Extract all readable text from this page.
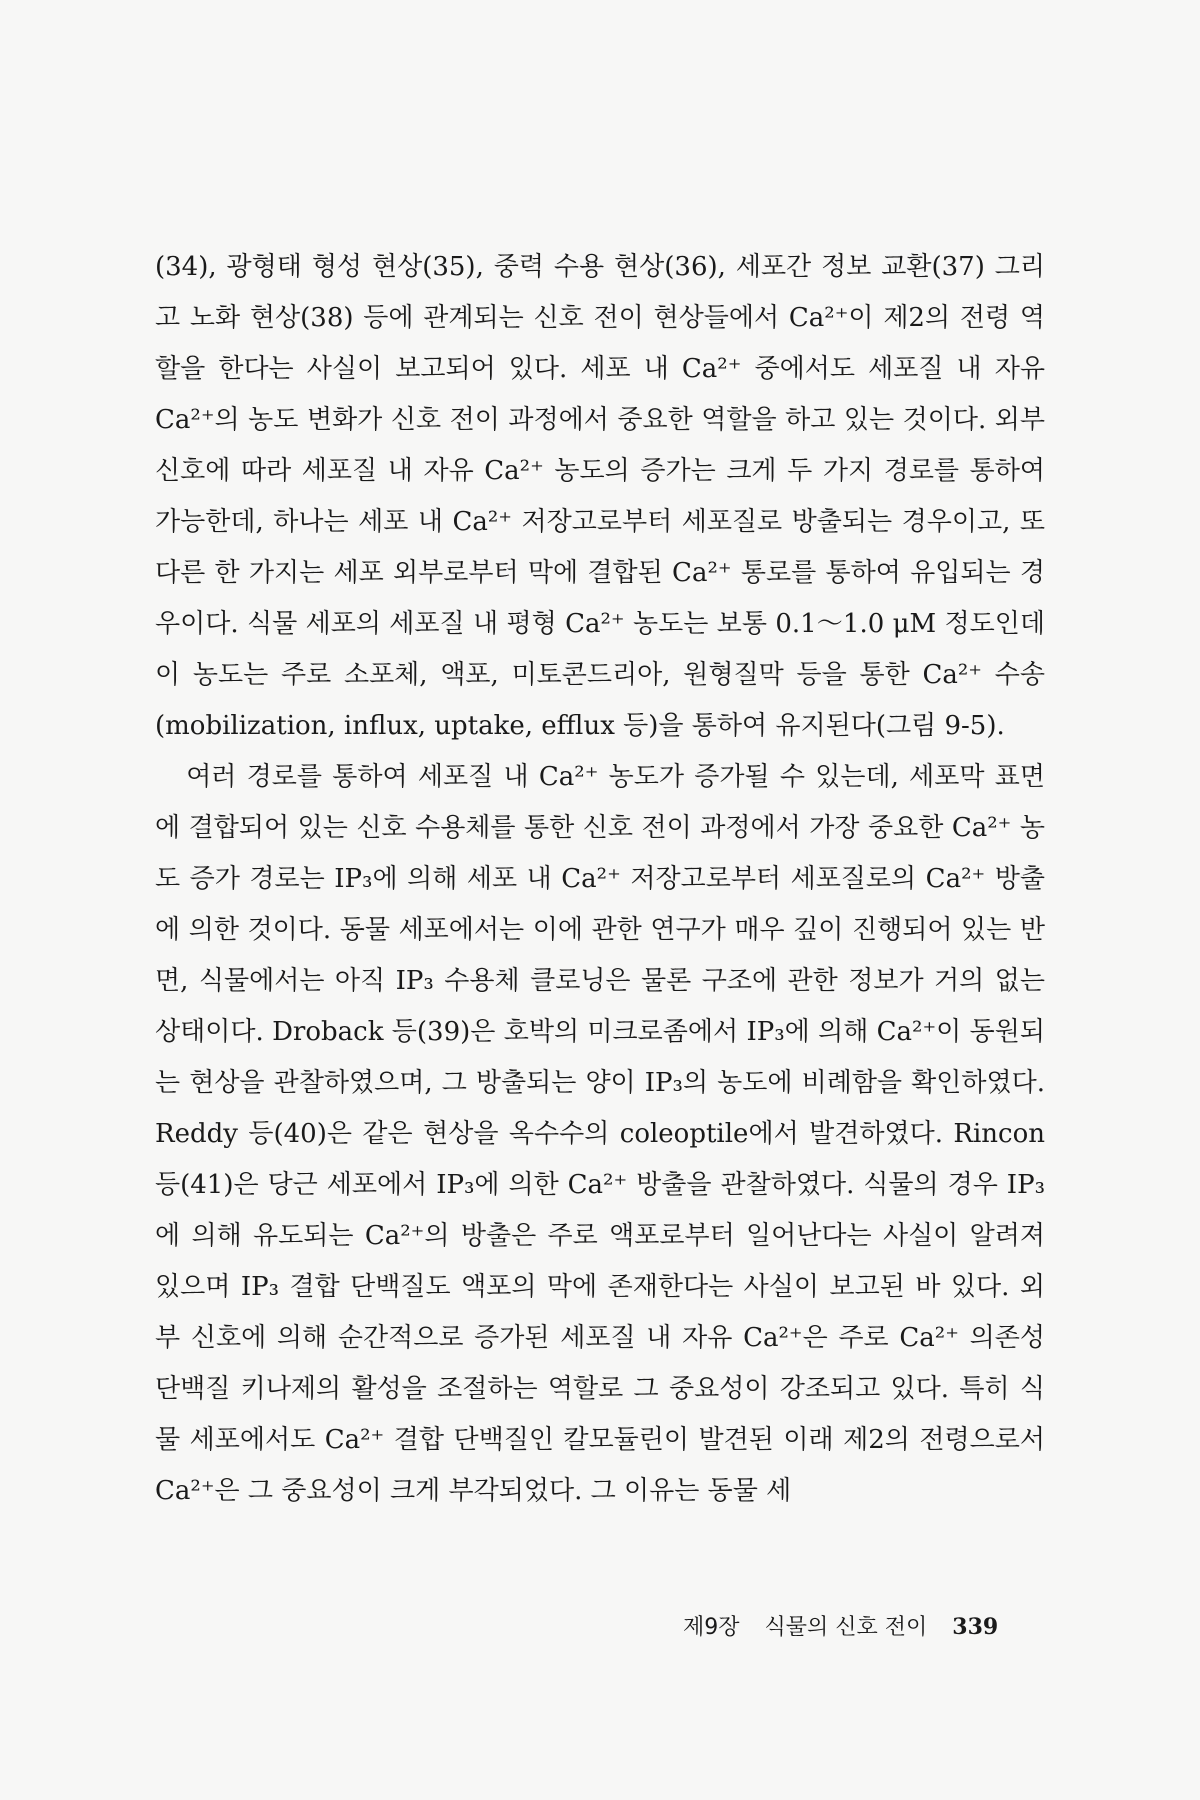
(34), 광형태 형성 현상(35), 중력 수용 현상(36), 세포간 정보 교환(37) 그리고 노화 현상(38) 등에 관계되는 신호 전이 현상들에서 Ca²⁺이 제2의 전령 역할을 한다는 사실이 보고되어 있다. 세포 내 Ca²⁺ 중에서도 세포질 내 자유 Ca²⁺의 농도 변화가 신호 전이 과정에서 중요한 역할을 하고 있는 것이다. 외부 신호에 따라 세포질 내 자유 Ca²⁺ 농도의 증가는 크게 두 가지 경로를 통하여 가능한데, 하나는 세포 내 Ca²⁺ 저장고로부터 세포질로 방출되는 경우이고, 또 다른 한 가지는 세포 외부로부터 막에 결합된 Ca²⁺ 통로를 통하여 유입되는 경우이다. 식물 세포의 세포질 내 평형 Ca²⁺ 농도는 보통 0.1～1.0 μM 정도인데 이 농도는 주로 소포체, 액포, 미토콘드리아, 원형질막 등을 통한 Ca²⁺ 수송(mobilization, influx, uptake, efflux 등)을 통하여 유지된다(그림 9-5).

여러 경로를 통하여 세포질 내 Ca²⁺ 농도가 증가될 수 있는데, 세포막 표면에 결합되어 있는 신호 수용체를 통한 신호 전이 과정에서 가장 중요한 Ca²⁺ 농도 증가 경로는 IP₃에 의해 세포 내 Ca²⁺ 저장고로부터 세포질로의 Ca²⁺ 방출에 의한 것이다. 동물 세포에서는 이에 관한 연구가 매우 깊이 진행되어 있는 반면, 식물에서는 아직 IP₃ 수용체 클로닝은 물론 구조에 관한 정보가 거의 없는 상태이다. Droback 등(39)은 호박의 미크로좀에서 IP₃에 의해 Ca²⁺이 동원되는 현상을 관찰하였으며, 그 방출되는 양이 IP₃의 농도에 비례함을 확인하였다. Reddy 등(40)은 같은 현상을 옥수수의 coleoptile에서 발견하였다. Rincon 등(41)은 당근 세포에서 IP₃에 의한 Ca²⁺ 방출을 관찰하였다. 식물의 경우 IP₃에 의해 유도되는 Ca²⁺의 방출은 주로 액포로부터 일어난다는 사실이 알려져 있으며 IP₃ 결합 단백질도 액포의 막에 존재한다는 사실이 보고된 바 있다. 외부 신호에 의해 순간적으로 증가된 세포질 내 자유 Ca²⁺은 주로 Ca²⁺ 의존성 단백질 키나제의 활성을 조절하는 역할로 그 중요성이 강조되고 있다. 특히 식물 세포에서도 Ca²⁺ 결합 단백질인 칼모듈린이 발견된 이래 제2의 전령으로서 Ca²⁺은 그 중요성이 크게 부각되었다. 그 이유는 동물 세

제9장 식물의 신호 전이 339
